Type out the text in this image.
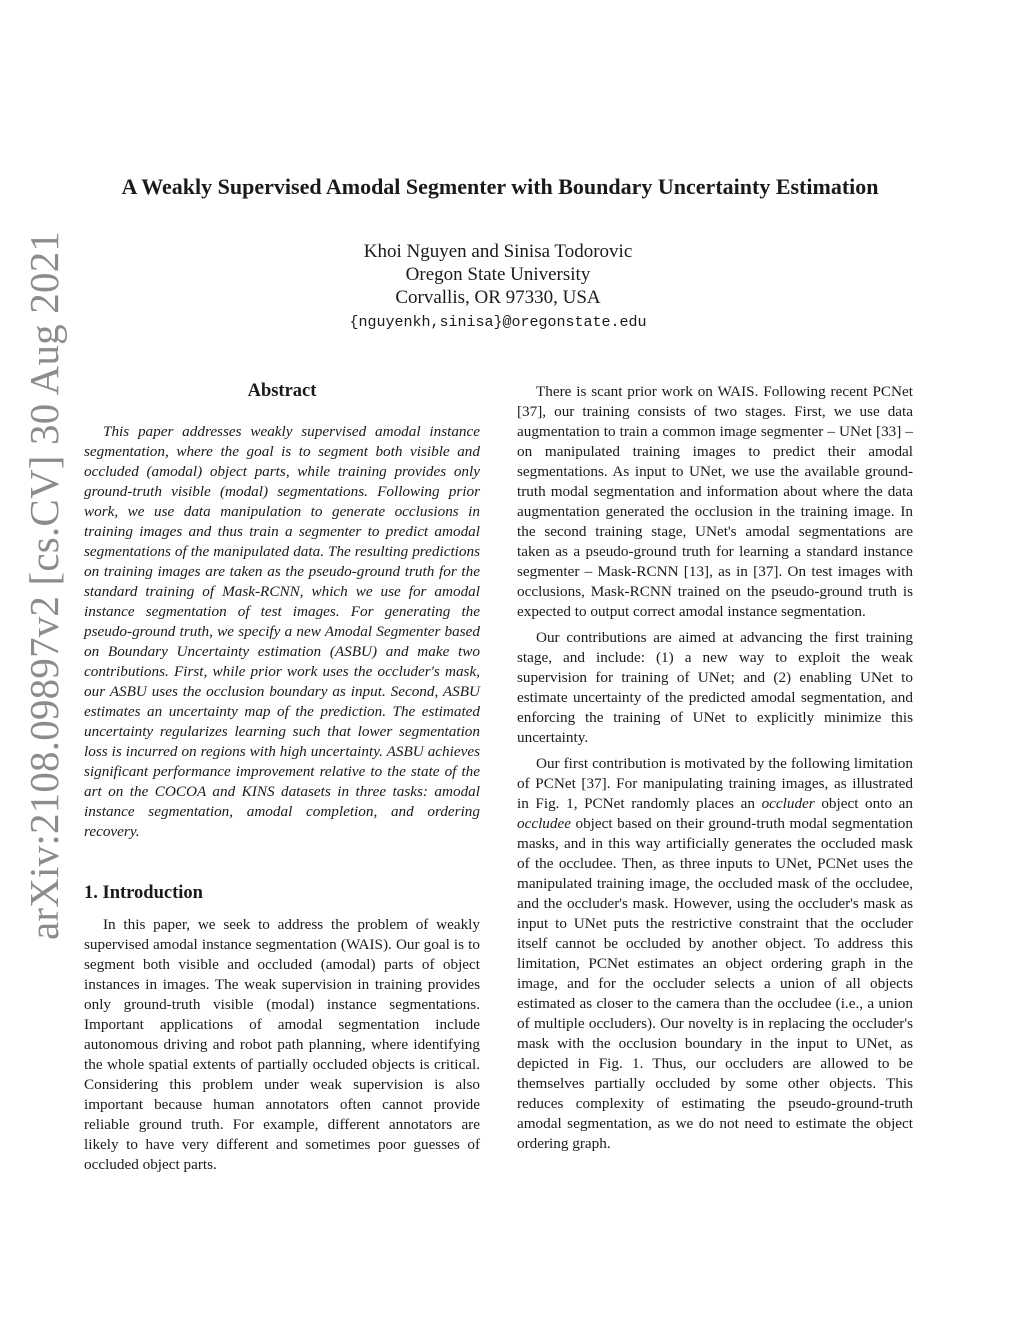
arXiv:2108.09897v2 [cs.CV] 30 Aug 2021
A Weakly Supervised Amodal Segmenter with Boundary Uncertainty Estimation
Khoi Nguyen and Sinisa Todorovic
Oregon State University
Corvallis, OR 97330, USA
{nguyenkh,sinisa}@oregonstate.edu
Abstract

This paper addresses weakly supervised amodal instance segmentation, where the goal is to segment both visible and occluded (amodal) object parts, while training provides only ground-truth visible (modal) segmentations. Following prior work, we use data manipulation to generate occlusions in training images and thus train a segmenter to predict amodal segmentations of the manipulated data. The resulting predictions on training images are taken as the pseudo-ground truth for the standard training of Mask-RCNN, which we use for amodal instance segmentation of test images. For generating the pseudo-ground truth, we specify a new Amodal Segmenter based on Boundary Uncertainty estimation (ASBU) and make two contributions. First, while prior work uses the occluder's mask, our ASBU uses the occlusion boundary as input. Second, ASBU estimates an uncertainty map of the prediction. The estimated uncertainty regularizes learning such that lower segmentation loss is incurred on regions with high uncertainty. ASBU achieves significant performance improvement relative to the state of the art on the COCOA and KINS datasets in three tasks: amodal instance segmentation, amodal completion, and ordering recovery.

1. Introduction

In this paper, we seek to address the problem of weakly supervised amodal instance segmentation (WAIS). Our goal is to segment both visible and occluded (amodal) parts of object instances in images. The weak supervision in training provides only ground-truth visible (modal) instance segmentations. Important applications of amodal segmentation include autonomous driving and robot path planning, where identifying the whole spatial extents of partially occluded objects is critical. Considering this problem under weak supervision is also important because human annotators often cannot provide reliable ground truth. For example, different annotators are likely to have very different and sometimes poor guesses of occluded object parts.

There is scant prior work on WAIS. Following recent PCNet [37], our training consists of two stages. First, we use data augmentation to train a common image segmenter – UNet [33] – on manipulated training images to predict their amodal segmentations. As input to UNet, we use the available ground-truth modal segmentation and information about where the data augmentation generated the occlusion in the training image. In the second training stage, UNet's amodal segmentations are taken as a pseudo-ground truth for learning a standard instance segmenter – Mask-RCNN [13], as in [37]. On test images with occlusions, Mask-RCNN trained on the pseudo-ground truth is expected to output correct amodal instance segmentation.

Our contributions are aimed at advancing the first training stage, and include: (1) a new way to exploit the weak supervision for training of UNet; and (2) enabling UNet to estimate uncertainty of the predicted amodal segmentation, and enforcing the training of UNet to explicitly minimize this uncertainty.

Our first contribution is motivated by the following limitation of PCNet [37]. For manipulating training images, as illustrated in Fig. 1, PCNet randomly places an occluder object onto an occludee object based on their ground-truth modal segmentation masks, and in this way artificially generates the occluded mask of the occludee. Then, as three inputs to UNet, PCNet uses the manipulated training image, the occluded mask of the occludee, and the occluder's mask. However, using the occluder's mask as input to UNet puts the restrictive constraint that the occluder itself cannot be occluded by another object. To address this limitation, PCNet estimates an object ordering graph in the image, and for the occluder selects a union of all objects estimated as closer to the camera than the occludee (i.e., a union of multiple occluders). Our novelty is in replacing the occluder's mask with the occlusion boundary in the input to UNet, as depicted in Fig. 1. Thus, our occluders are allowed to be themselves partially occluded by some other objects. This reduces complexity of estimating the pseudo-ground-truth amodal segmentation, as we do not need to estimate the object ordering graph.
